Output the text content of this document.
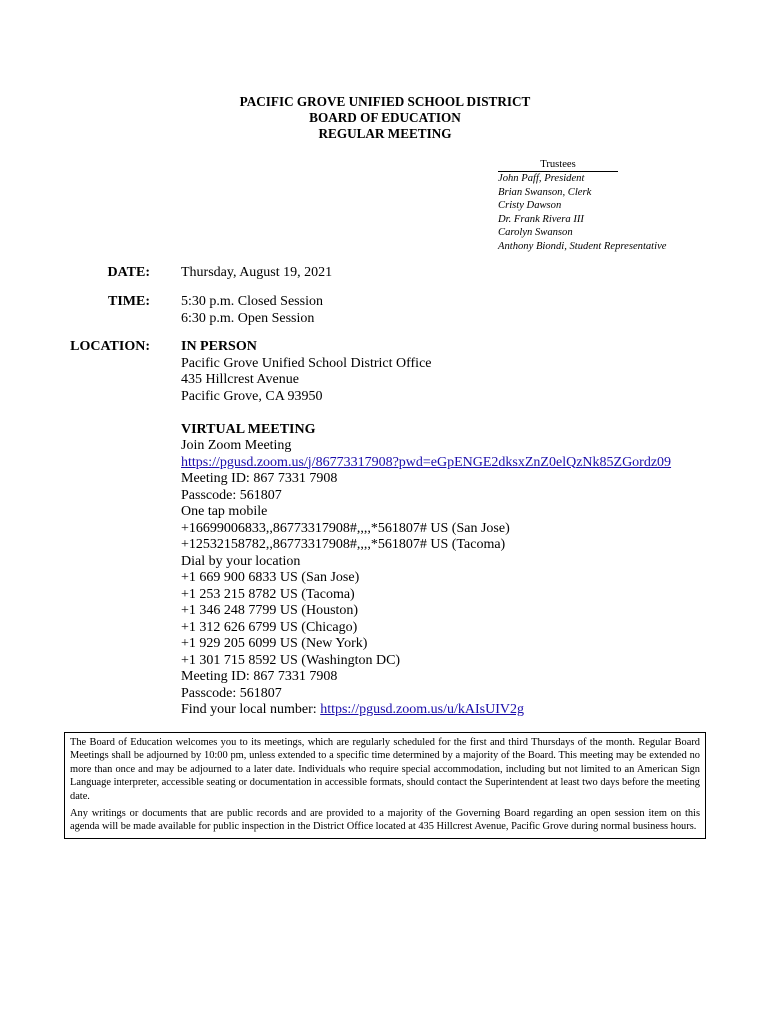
PACIFIC GROVE UNIFIED SCHOOL DISTRICT
BOARD OF EDUCATION
REGULAR MEETING
Trustees
John Paff, President
Brian Swanson, Clerk
Cristy Dawson
Dr. Frank Rivera III
Carolyn Swanson
Anthony Biondi, Student Representative
DATE: Thursday, August 19, 2021
TIME: 5:30 p.m. Closed Session
6:30 p.m. Open Session
LOCATION: IN PERSON
Pacific Grove Unified School District Office
435 Hillcrest Avenue
Pacific Grove, CA 93950
VIRTUAL MEETING
Join Zoom Meeting
https://pgusd.zoom.us/j/86773317908?pwd=eGpENGE2dksxZnZ0elQzNk85ZGordz09
Meeting ID: 867 7331 7908
Passcode: 561807
One tap mobile
+16699006833,,86773317908#,,,,*561807# US (San Jose)
+12532158782,,86773317908#,,,,*561807# US (Tacoma)
Dial by your location
+1 669 900 6833 US (San Jose)
+1 253 215 8782 US (Tacoma)
+1 346 248 7799 US (Houston)
+1 312 626 6799 US (Chicago)
+1 929 205 6099 US (New York)
+1 301 715 8592 US (Washington DC)
Meeting ID: 867 7331 7908
Passcode: 561807
Find your local number: https://pgusd.zoom.us/u/kAIsUIV2g

The Board of Education welcomes you to its meetings, which are regularly scheduled for the first and third Thursdays of the month. Regular Board Meetings shall be adjourned by 10:00 pm, unless extended to a specific time determined by a majority of the Board. This meeting may be extended no more than once and may be adjourned to a later date. Individuals who require special accommodation, including but not limited to an American Sign Language interpreter, accessible seating or documentation in accessible formats, should contact the Superintendent at least two days before the meeting date.

Any writings or documents that are public records and are provided to a majority of the Governing Board regarding an open session item on this agenda will be made available for public inspection in the District Office located at 435 Hillcrest Avenue, Pacific Grove during normal business hours.
